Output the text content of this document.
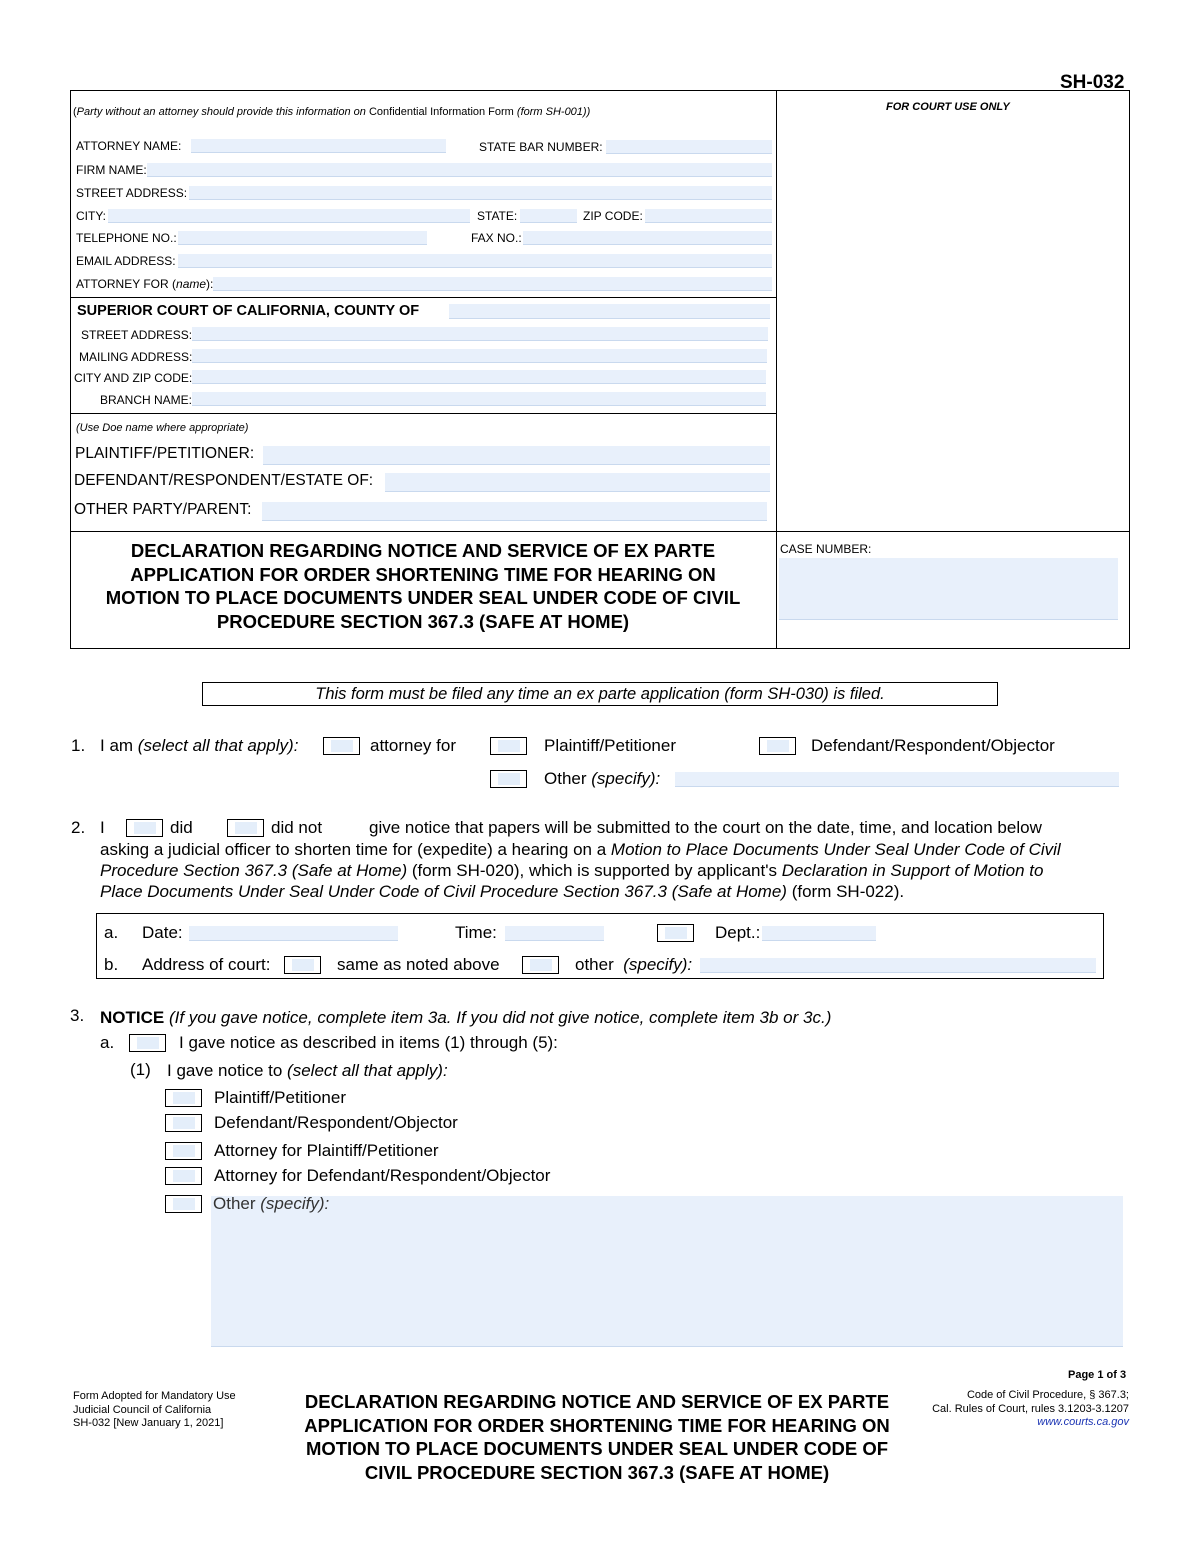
SH-032
FOR COURT USE ONLY
(Party without an attorney should provide this information on Confidential Information Form (form SH-001))
ATTORNEY NAME:	STATE BAR NUMBER:
FIRM NAME:
STREET ADDRESS:
CITY:	STATE:	ZIP CODE:
TELEPHONE NO.:	FAX NO.:
EMAIL ADDRESS:
ATTORNEY FOR (name):
SUPERIOR COURT OF CALIFORNIA, COUNTY OF
STREET ADDRESS:
MAILING ADDRESS:
CITY AND ZIP CODE:
BRANCH NAME:
(Use Doe name where appropriate)
PLAINTIFF/PETITIONER:
DEFENDANT/RESPONDENT/ESTATE OF:
OTHER PARTY/PARENT:
DECLARATION REGARDING NOTICE AND SERVICE OF EX PARTE
APPLICATION FOR ORDER SHORTENING TIME FOR HEARING ON
MOTION TO PLACE DOCUMENTS UNDER SEAL UNDER CODE OF CIVIL
PROCEDURE SECTION 367.3 (SAFE AT HOME)
CASE NUMBER:
This form must be filed any time an ex parte application (form SH-030) is filed.
1. I am (select all that apply):	attorney for	Plaintiff/Petitioner	Defendant/Respondent/Objector
Other (specify):
2. I	did	did not	give notice that papers will be submitted to the court on the date, time, and location below
asking a judicial officer to shorten time for (expedite) a hearing on a Motion to Place Documents Under Seal Under Code of Civil
Procedure Section 367.3 (Safe at Home) (form SH-020), which is supported by applicant's Declaration in Support of Motion to
Place Documents Under Seal Under Code of Civil Procedure Section 367.3 (Safe at Home) (form SH-022).
a. Date:	Time:	Dept.:
b. Address of court:	same as noted above	other (specify):
3. NOTICE (If you gave notice, complete item 3a. If you did not give notice, complete item 3b or 3c.)
a.	I gave notice as described in items (1) through (5):
(1) I gave notice to (select all that apply):
Plaintiff/Petitioner
Defendant/Respondent/Objector
Attorney for Plaintiff/Petitioner
Attorney for Defendant/Respondent/Objector
Other (specify):
Page 1 of 3
Form Adopted for Mandatory Use
Judicial Council of California
SH-032 [New January 1, 2021]
DECLARATION REGARDING NOTICE AND SERVICE OF EX PARTE
APPLICATION FOR ORDER SHORTENING TIME FOR HEARING ON
MOTION TO PLACE DOCUMENTS UNDER SEAL UNDER CODE OF
CIVIL PROCEDURE SECTION 367.3 (SAFE AT HOME)
Code of Civil Procedure, § 367.3;
Cal. Rules of Court, rules 3.1203-3.1207
www.courts.ca.gov
